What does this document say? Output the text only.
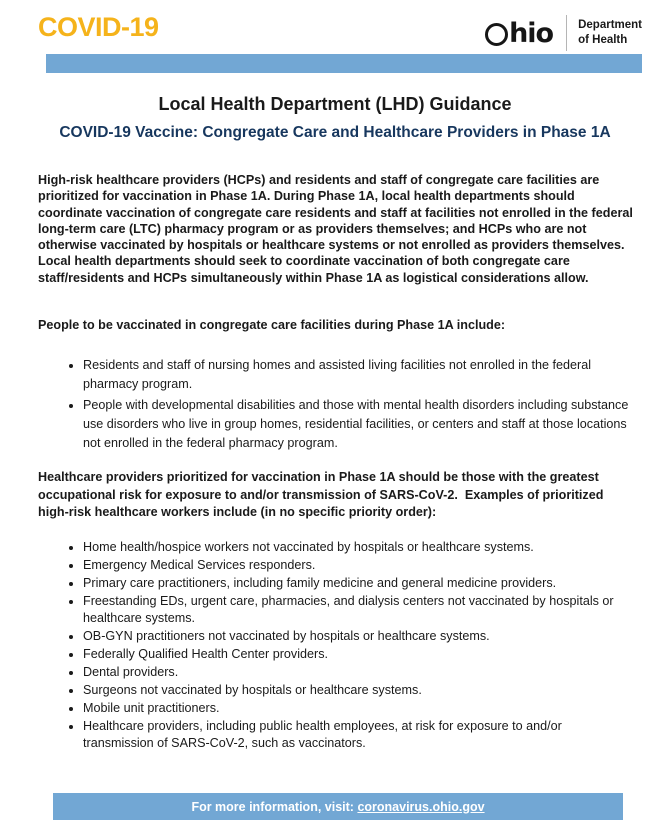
COVID-19	hio Department
of Health
Local Health Department (LHD) Guidance
COVID-19 Vaccine: Congregate Care and Healthcare Providers in Phase 1A

High-risk healthcare providers (HCPs) and residents and staff of congregate care facilities are prioritized for vaccination in Phase 1A. During Phase 1A, local health departments should coordinate vaccination of congregate care residents and staff at facilities not enrolled in the federal long-term care (LTC) pharmacy program or as providers themselves; and HCPs who are not otherwise vaccinated by hospitals or healthcare systems or not enrolled as providers themselves.  Local health departments should seek to coordinate vaccination of both congregate care staff/residents and HCPs simultaneously within Phase 1A as logistical considerations allow.

People to be vaccinated in congregate care facilities during Phase 1A include:

• Residents and staff of nursing homes and assisted living facilities not enrolled in the federal pharmacy program.
• People with developmental disabilities and those with mental health disorders including substance use disorders who live in group homes, residential facilities, or centers and staff at those locations not enrolled in the federal pharmacy program.

Healthcare providers prioritized for vaccination in Phase 1A should be those with the greatest occupational risk for exposure to and/or transmission of SARS-CoV-2.  Examples of prioritized high-risk healthcare workers include (in no specific priority order):

• Home health/hospice workers not vaccinated by hospitals or healthcare systems.
• Emergency Medical Services responders.
• Primary care practitioners, including family medicine and general medicine providers.
• Freestanding EDs, urgent care, pharmacies, and dialysis centers not vaccinated by hospitals or healthcare systems.
• OB-GYN practitioners not vaccinated by hospitals or healthcare systems.
• Federally Qualified Health Center providers.
• Dental providers.
• Surgeons not vaccinated by hospitals or healthcare systems.
• Mobile unit practitioners.
• Healthcare providers, including public health employees, at risk for exposure to and/or transmission of SARS-CoV-2, such as vaccinators.
For more information, visit: coronavirus.ohio.gov
